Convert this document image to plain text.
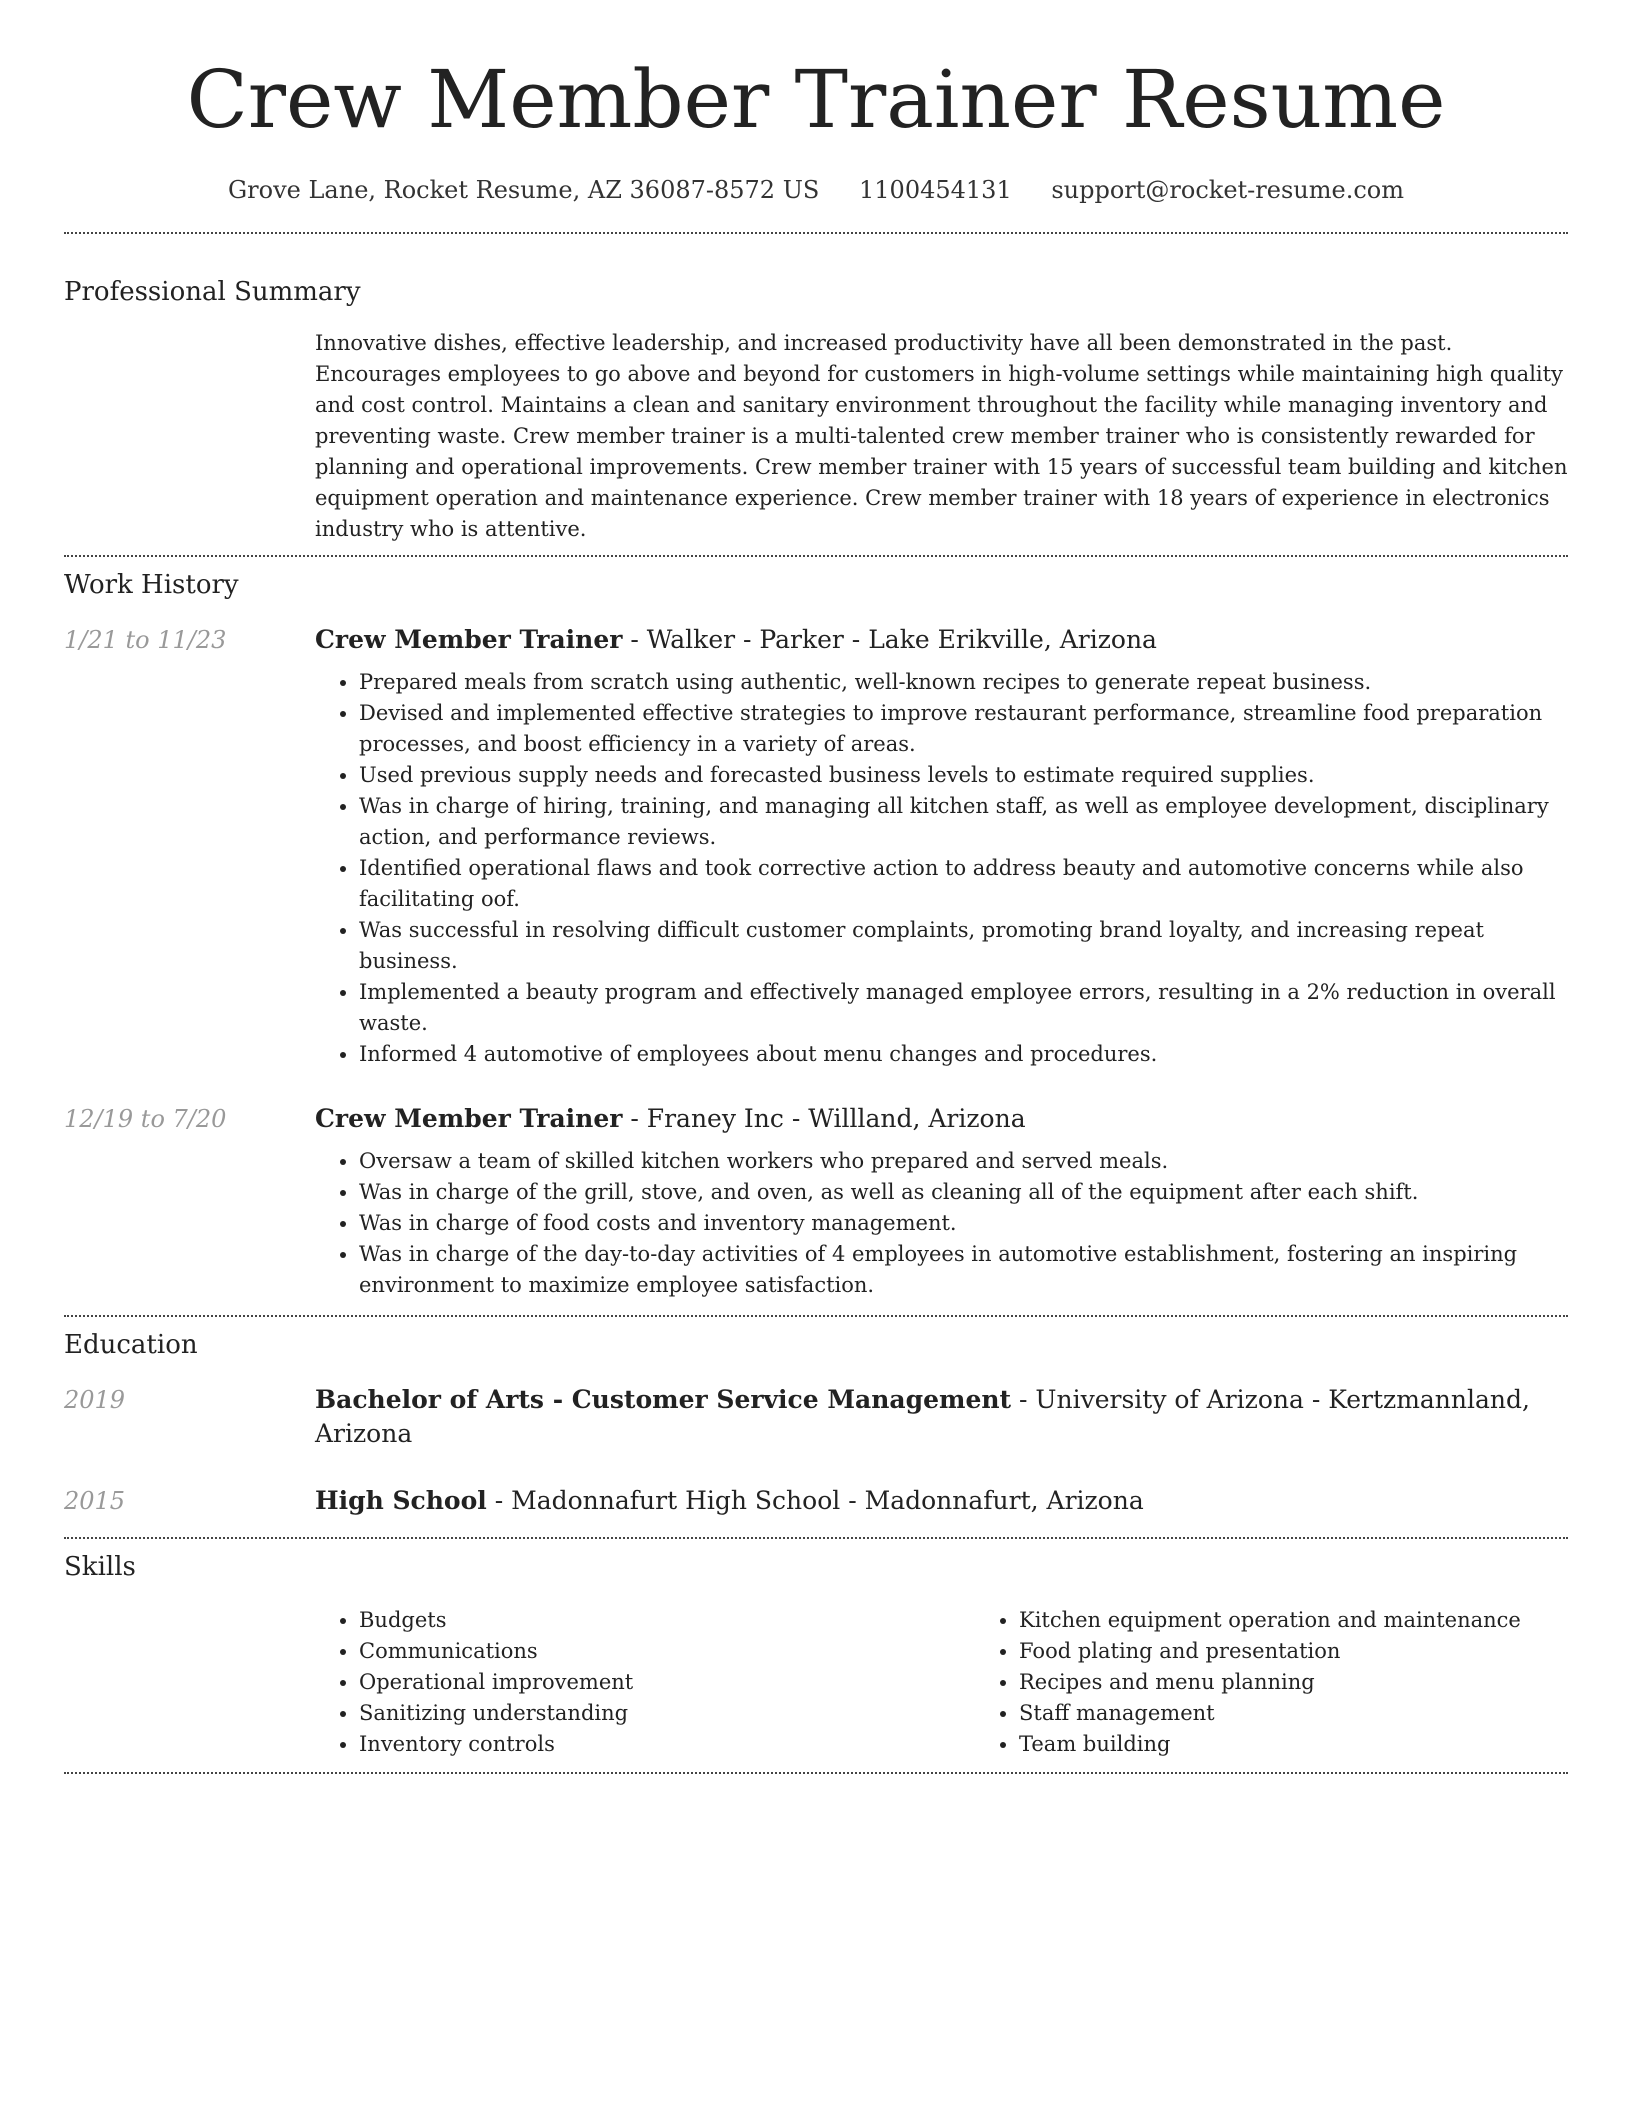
Crew Member Trainer Resume
Grove Lane, Rocket Resume, AZ 36087-8572 US 1100454131 support@rocket-resume.com
Professional Summary
Innovative dishes, effective leadership, and increased productivity have all been demonstrated in the past. Encourages employees to go above and beyond for customers in high-volume settings while maintaining high quality and cost control. Maintains a clean and sanitary environment throughout the facility while managing inventory and preventing waste. Crew member trainer is a multi-talented crew member trainer who is consistently rewarded for planning and operational improvements. Crew member trainer with 15 years of successful team building and kitchen equipment operation and maintenance experience. Crew member trainer with 18 years of experience in electronics industry who is attentive.
Work History
1/21 to 11/23	Crew Member Trainer - Walker - Parker - Lake Erikville, Arizona
• Prepared meals from scratch using authentic, well-known recipes to generate repeat business.
• Devised and implemented effective strategies to improve restaurant performance, streamline food preparation processes, and boost efficiency in a variety of areas.
• Used previous supply needs and forecasted business levels to estimate required supplies.
• Was in charge of hiring, training, and managing all kitchen staff, as well as employee development, disciplinary action, and performance reviews.
• Identified operational flaws and took corrective action to address beauty and automotive concerns while also facilitating oof.
• Was successful in resolving difficult customer complaints, promoting brand loyalty, and increasing repeat business.
• Implemented a beauty program and effectively managed employee errors, resulting in a 2% reduction in overall waste.
• Informed 4 automotive of employees about menu changes and procedures.
12/19 to 7/20	Crew Member Trainer - Franey Inc - Willland, Arizona
• Oversaw a team of skilled kitchen workers who prepared and served meals.
• Was in charge of the grill, stove, and oven, as well as cleaning all of the equipment after each shift.
• Was in charge of food costs and inventory management.
• Was in charge of the day-to-day activities of 4 employees in automotive establishment, fostering an inspiring environment to maximize employee satisfaction.
Education
2019	Bachelor of Arts - Customer Service Management - University of Arizona - Kertzmannland, Arizona
2015	High School - Madonnafurt High School - Madonnafurt, Arizona
Skills
• Budgets
• Communications
• Operational improvement
• Sanitizing understanding
• Inventory controls
• Kitchen equipment operation and maintenance
• Food plating and presentation
• Recipes and menu planning
• Staff management
• Team building
